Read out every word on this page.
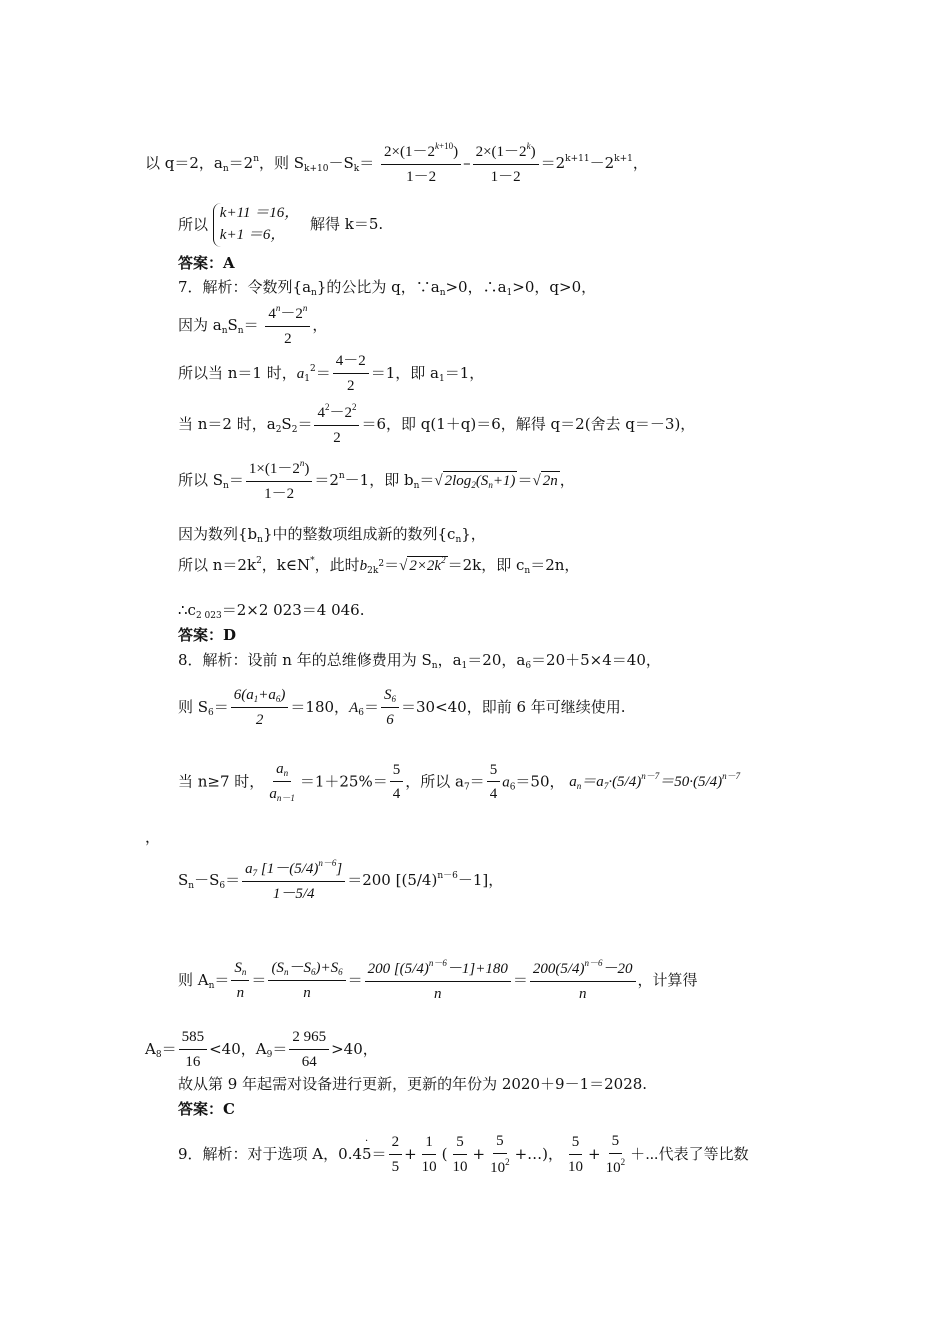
以 q＝2，$a_n=2^n$，则 $S_{k+10}-S_k= \frac{2\times(1-2^{k+10})}{1-2} - \frac{2\times(1-2^k)}{1-2} =2^{k+11}-2^{k+1}$，
所以
k+11 ＝16，
k+1 ＝6，
解得 k＝5.
答案：A
7．解析：令数列$\{a_n\}$的公比为 q，$\because a_n>0$，$\therefore a_1>0$，q>0，
因为 $a_nS_n= \frac{4^n-2^n}{2}$ ，
所以当 n＝1 时，$a_1^2= \frac{4-2}{2} =1$，即 $a_1=1$，
当 n＝2 时，$a_2S_2= \frac{4^2-2^2}{2} =6$，即 q(1＋q)＝6，解得 q＝2(舍去 q＝－3)，
所以 $S_n= \frac{1\times(1-2^n)}{1-2} =2^n-1$，即 $b_n=√$ $2\log_2(S_n+1)$ ＝√ 2n ，
因为数列$\{b_n\}$中的整数项组成新的数列$\{c_n\}$，
所以 $n=2k^2$，k∈N*，此时$b_{2k^2}=√$ $2\times 2k^2 =2k$，即 $c_n=2n$，
$\therefore c_{2 023}=2\times 2$ 023＝4 046.
答案：D
8．解析：设前 n 年的总维修费用为 $S_n$，$a_1=20$，$a_6=20+5\times 4=40$，
则 $S_6= \frac{6(a_1+a_6)}{2} =180$，$A_6= \frac{S_6}{6} =30<40$，即前 6 年可继续使用.
当 n≥7 时， $\frac{a_n}{a_{n-1}} =1+25\%= \frac{5}{4}$ ，所以 $a_7= \frac{5}{4} a_6=50$， $a_n=a_7\cdot(5/4)^{n-7}=50\cdot(5/4)^{n-7}$
，
$S_n-S_6= \frac{a_7 [1-(5/4)^{n-6}]}{1-5/4} =200$ $[(5/4)^{n-6}-1]$，
则 $A_n= \frac{S_n}{n} = \frac{(S_n-S_6)+S_6}{n} = \frac{200 [(5/4)^{n-6}-1]+180}{n} = \frac{200(5/4)^{n-6}-20}{n}$ ，计算得
$A_8= \frac{585}{16} <40$，$A_9= \frac{2 965}{64} >40$，
故从第 9 年起需对设备进行更新，更新的年份为 2020＋9－1＝2028.
答案：C
9．解析：对于选项 A，0.45
·
＝ $\frac{2}{5} + \frac{1}{10}$ ( $\frac{5}{10} + \frac{5}{10^2}$ +…)， $\frac{5}{10} + \frac{5}{10^2}$ ＋⋯代表了等比数
